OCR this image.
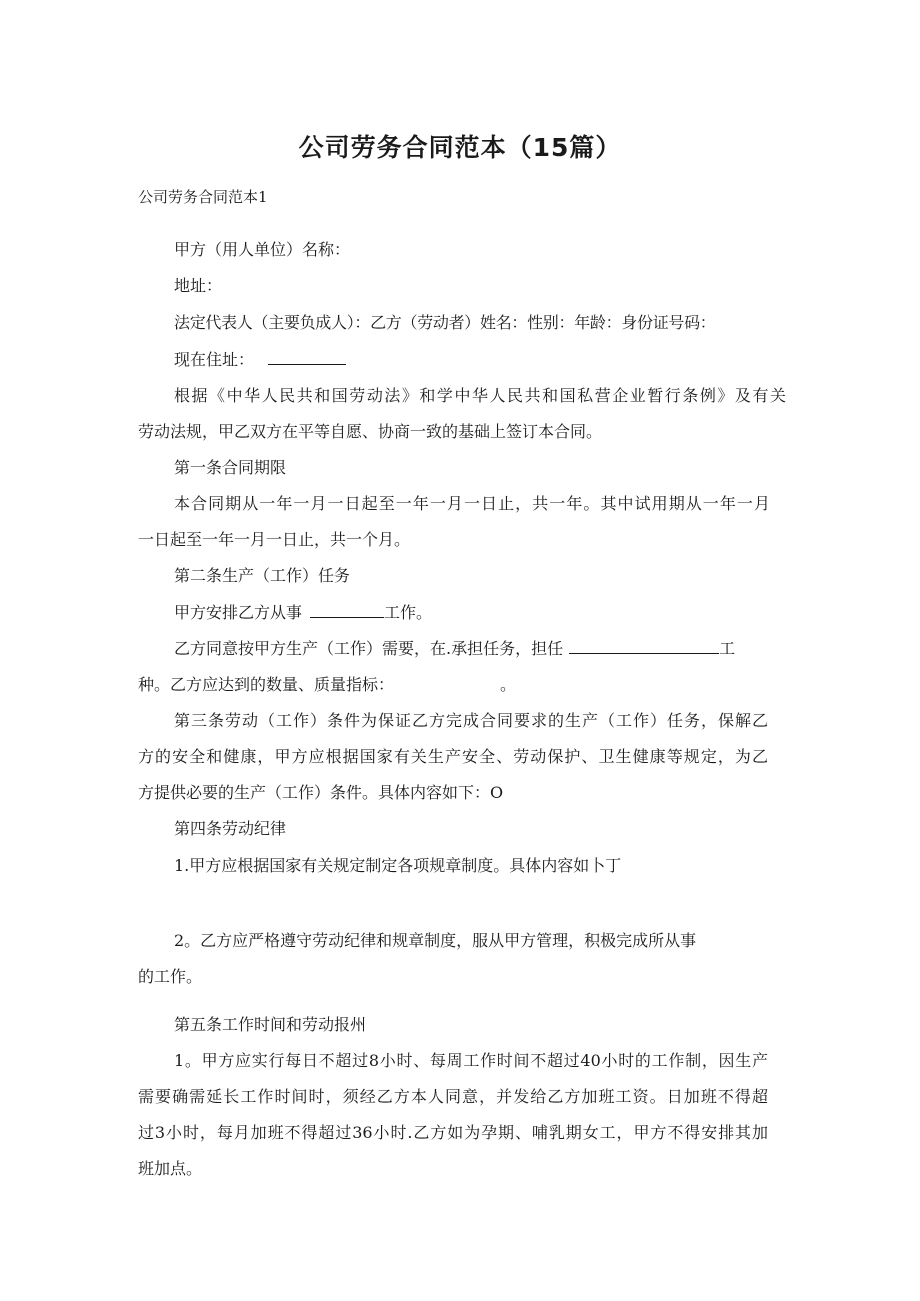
公司劳务合同范本（15篇）

公司劳务合同范本1

甲方（用人单位）名称：

地址：

法定代表人（主要负成人）：乙方（劳动者）姓名：性别：年龄：身份证号码：

现在住址：

根据《中华人民共和国劳动法》和学中华人民共和国私营企业暂行条例》及有关

劳动法规，甲乙双方在平等自愿、协商一致的基础上签订本合同。

第一条合同期限

本合同期从一年一月一日起至一年一月一日止，共一年。其中试用期从一年一月

一日起至一年一月一日止，共一个月。

第二条生产（工作）任务

甲方安排乙方从事	工作。

乙方同意按甲方生产（工作）需要，在.承担任务，担任	工

种。乙方应达到的数量、质量指标：	。

第三条劳动（工作）条件为保证乙方完成合同要求的生产（工作）任务，保解乙

方的安全和健康，甲方应根据国家有关生产安全、劳动保护、卫生健康等规定，为乙

方提供必要的生产（工作）条件。具体内容如下：O

第四条劳动纪律

1.甲方应根据国家有关规定制定各项规章制度。具体内容如卜丁

2。乙方应严格遵守劳动纪律和规章制度，服从甲方管理，积极完成所从事

的工作。

第五条工作时间和劳动报州

1。甲方应实行每日不超过8小时、每周工作时间不超过40小时的工作制，因生产

需要确需延长工作时间时，须经乙方本人同意，并发给乙方加班工资。日加班不得超

过3小时，每月加班不得超过36小时.乙方如为孕期、哺乳期女工，甲方不得安排其加

班加点。
